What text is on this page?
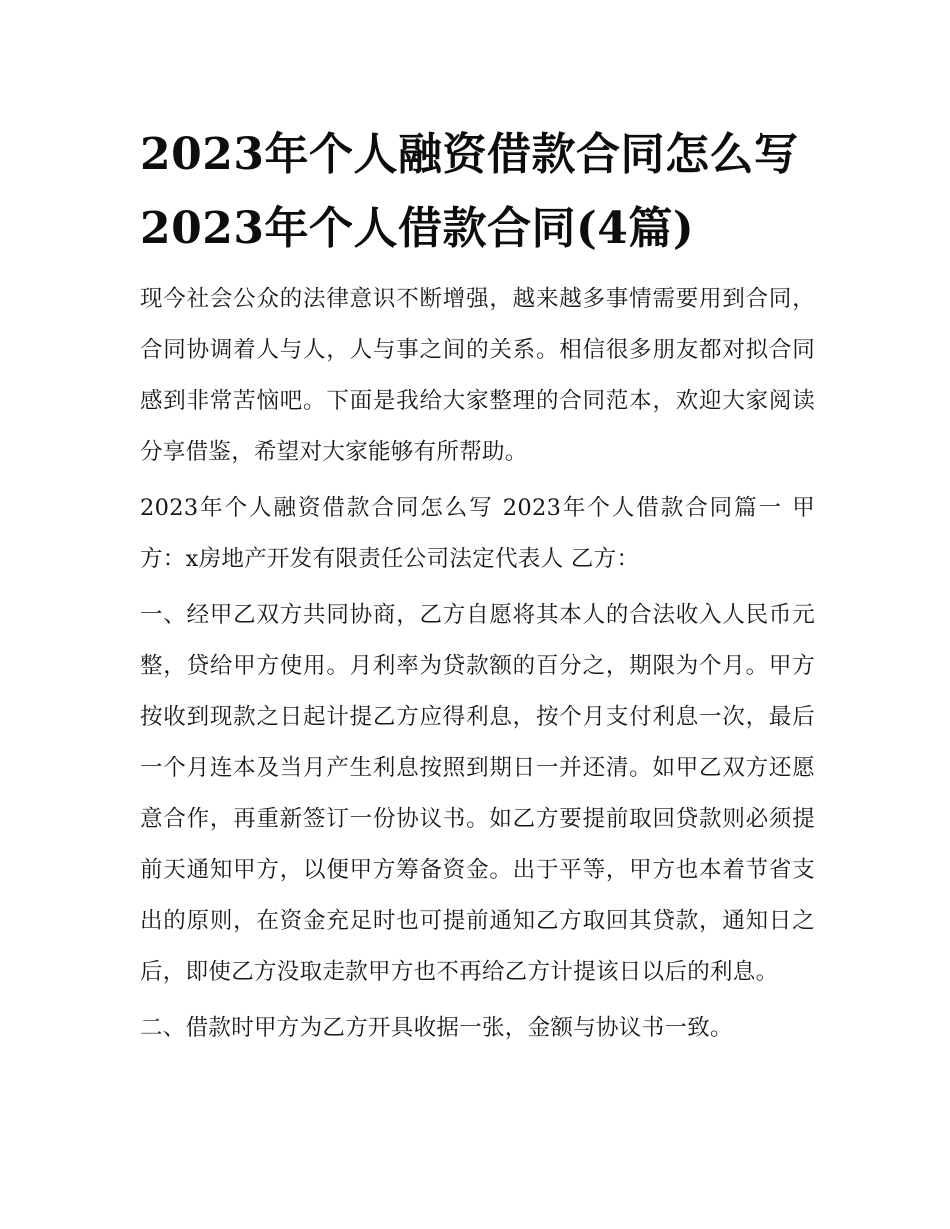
2023年个人融资借款合同怎么写 2023年个人借款合同(4篇)

现今社会公众的法律意识不断增强，越来越多事情需要用到合同，合同协调着人与人，人与事之间的关系。相信很多朋友都对拟合同感到非常苦恼吧。下面是我给大家整理的合同范本，欢迎大家阅读分享借鉴，希望对大家能够有所帮助。

2023年个人融资借款合同怎么写 2023年个人借款合同篇一 甲方：x房地产开发有限责任公司法定代表人 乙方：

一、经甲乙双方共同协商，乙方自愿将其本人的合法收入人民币元整，贷给甲方使用。月利率为贷款额的百分之，期限为个月。甲方按收到现款之日起计提乙方应得利息，按个月支付利息一次，最后一个月连本及当月产生利息按照到期日一并还清。如甲乙双方还愿意合作，再重新签订一份协议书。如乙方要提前取回贷款则必须提前天通知甲方，以便甲方筹备资金。出于平等，甲方也本着节省支出的原则，在资金充足时也可提前通知乙方取回其贷款，通知日之后，即使乙方没取走款甲方也不再给乙方计提该日以后的利息。

二、借款时甲方为乙方开具收据一张，金额与协议书一致。
